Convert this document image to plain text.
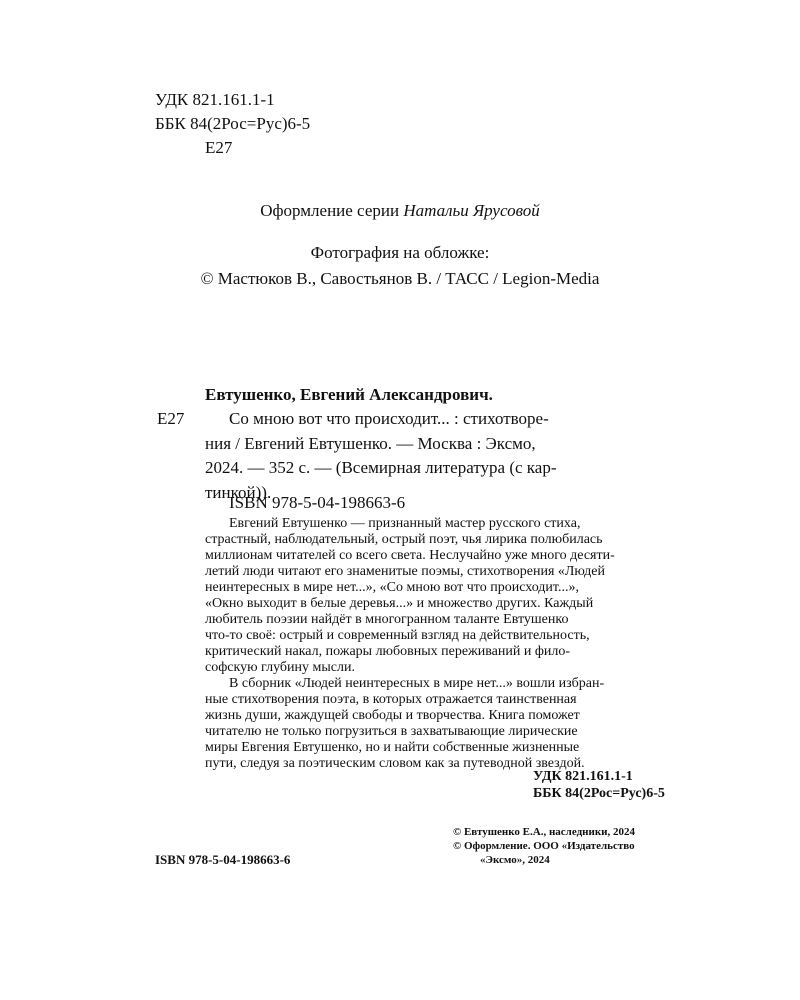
УДК 821.161.1-1
ББК 84(2Рос=Рус)6-5
Е27
Оформление серии Натальи Ярусовой
Фотография на обложке:
© Мастюков В., Савостьянов В. / ТАСС / Legion-Media
Евтушенко, Евгений Александрович.
Е27	Со мною вот что происходит... : стихотворе-
ния / Евгений Евтушенко. — Москва : Эксмо,
2024. — 352 с. — (Всемирная литература (с кар-
тинкой)).
ISBN 978-5-04-198663-6
Евгений Евтушенко — признанный мастер русского стиха,
страстный, наблюдательный, острый поэт, чья лирика полюбилась
миллионам читателей со всего света. Неслучайно уже много десяти-
летий люди читают его знаменитые поэмы, стихотворения «Людей
неинтересных в мире нет...», «Со мною вот что происходит...»,
«Окно выходит в белые деревья...» и множество других. Каждый
любитель поэзии найдёт в многогранном таланте Евтушенко
что-то своё: острый и современный взгляд на действительность,
критический накал, пожары любовных переживаний и фило-
софскую глубину мысли.
В сборник «Людей неинтересных в мире нет...» вошли избран-
ные стихотворения поэта, в которых отражается таинственная
жизнь души, жаждущей свободы и творчества. Книга поможет
читателю не только погрузиться в захватывающие лирические
миры Евгения Евтушенко, но и найти собственные жизненные
пути, следуя за поэтическим словом как за путеводной звездой.
УДК 821.161.1-1
ББК 84(2Рос=Рус)6-5
© Евтушенко Е.А., наследники, 2024
© Оформление. ООО «Издательство
«Эксмо», 2024
ISBN 978-5-04-198663-6
